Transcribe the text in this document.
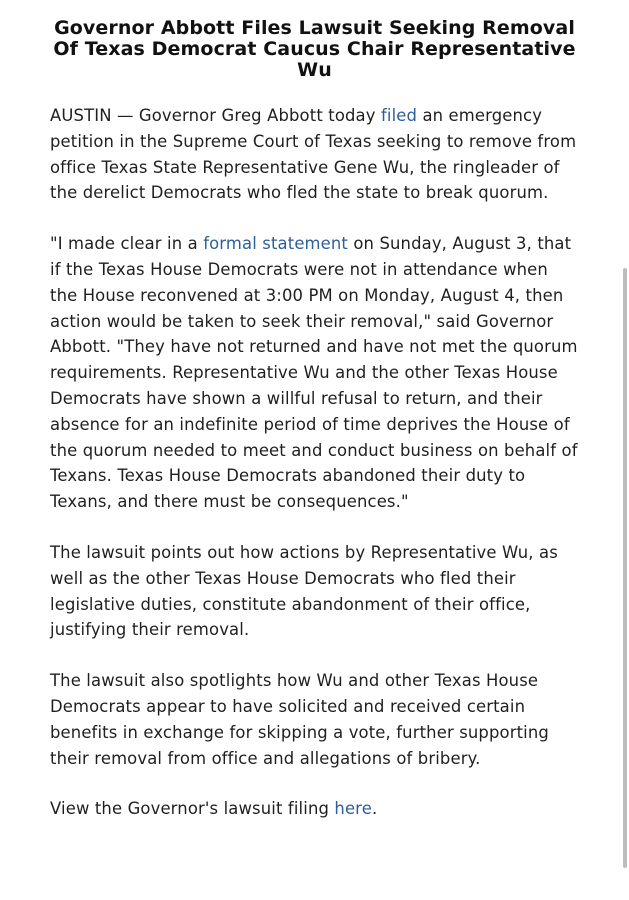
Governor Abbott Files Lawsuit Seeking Removal Of Texas Democrat Caucus Chair Representative Wu

AUSTIN — Governor Greg Abbott today filed an emergency petition in the Supreme Court of Texas seeking to remove from office Texas State Representative Gene Wu, the ringleader of the derelict Democrats who fled the state to break quorum.

"I made clear in a formal statement on Sunday, August 3, that if the Texas House Democrats were not in attendance when the House reconvened at 3:00 PM on Monday, August 4, then action would be taken to seek their removal," said Governor Abbott. "They have not returned and have not met the quorum requirements. Representative Wu and the other Texas House Democrats have shown a willful refusal to return, and their absence for an indefinite period of time deprives the House of the quorum needed to meet and conduct business on behalf of Texans. Texas House Democrats abandoned their duty to Texans, and there must be consequences."

The lawsuit points out how actions by Representative Wu, as well as the other Texas House Democrats who fled their legislative duties, constitute abandonment of their office, justifying their removal.

The lawsuit also spotlights how Wu and other Texas House Democrats appear to have solicited and received certain benefits in exchange for skipping a vote, further supporting their removal from office and allegations of bribery.

View the Governor's lawsuit filing here.
